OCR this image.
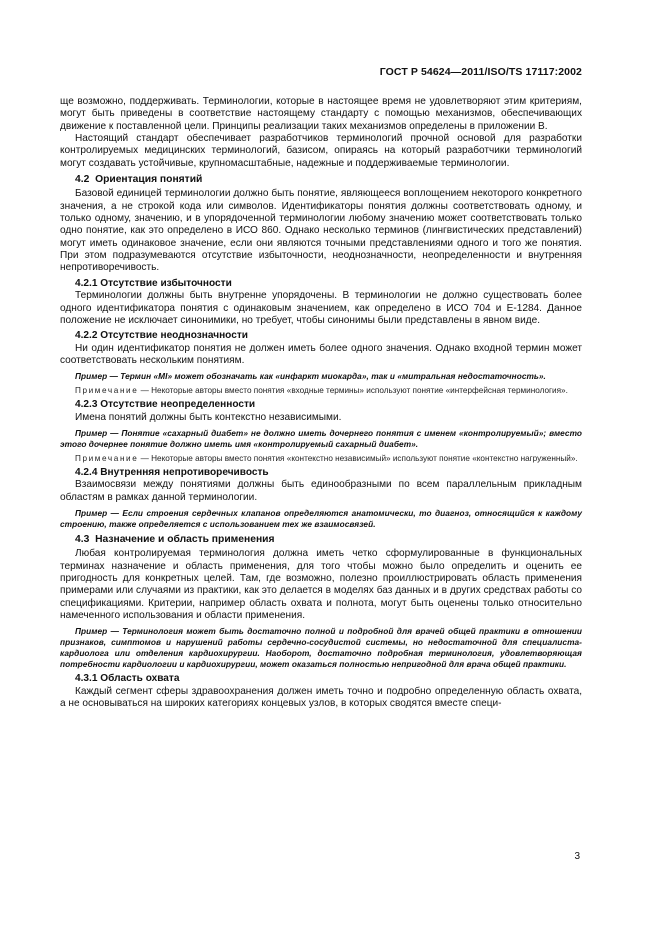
ГОСТ Р 54624—2011/ISO/TS 17117:2002

ще возможно, поддерживать. Терминологии, которые в настоящее время не удовлетворяют этим критериям, могут быть приведены в соответствие настоящему стандарту с помощью механизмов, обеспечивающих движение к поставленной цели. Принципы реализации таких механизмов определены в приложении В.

Настоящий стандарт обеспечивает разработчиков терминологий прочной основой для разработки контролируемых медицинских терминологий, базисом, опираясь на который разработчики терминологий могут создавать устойчивые, крупномасштабные, надежные и поддерживаемые терминологии.

4.2 Ориентация понятий

Базовой единицей терминологии должно быть понятие, являющееся воплощением некоторого конкретного значения, а не строкой кода или символов. Идентификаторы понятия должны соответствовать одному, и только одному, значению, и в упорядоченной терминологии любому значению может соответствовать только одно понятие, как это определено в ИСО 860. Однако несколько терминов (лингвистических представлений) могут иметь одинаковое значение, если они являются точными представлениями одного и того же понятия. При этом подразумеваются отсутствие избыточности, неоднозначности, неопределенности и внутренняя непротиворечивость.

4.2.1 Отсутствие избыточности

Терминологии должны быть внутренне упорядочены. В терминологии не должно существовать более одного идентификатора понятия с одинаковым значением, как определено в ИСО 704 и Е-1284. Данное положение не исключает синонимики, но требует, чтобы синонимы были представлены в явном виде.

4.2.2 Отсутствие неоднозначности

Ни один идентификатор понятия не должен иметь более одного значения. Однако входной термин может соответствовать нескольким понятиям.

Пример — Термин «MI» может обозначать как «инфаркт миокарда», так и «митральная недостаточность».

Примечание — Некоторые авторы вместо понятия «входные термины» используют понятие «интерфейсная терминология».

4.2.3 Отсутствие неопределенности

Имена понятий должны быть контекстно независимыми.

Пример — Понятие «сахарный диабет» не должно иметь дочернего понятия с именем «контролируемый»; вместо этого дочернее понятие должно иметь имя «контролируемый сахарный диабет».

Примечание — Некоторые авторы вместо понятия «контекстно независимый» используют понятие «контекстно нагруженный».

4.2.4 Внутренняя непротиворечивость

Взаимосвязи между понятиями должны быть единообразными по всем параллельным прикладным областям в рамках данной терминологии.

Пример — Если строения сердечных клапанов определяются анатомически, то диагноз, относящийся к каждому строению, также определяется с использованием тех же взаимосвязей.

4.3 Назначение и область применения

Любая контролируемая терминология должна иметь четко сформулированные в функциональных терминах назначение и область применения, для того чтобы можно было определить и оценить ее пригодность для конкретных целей. Там, где возможно, полезно проиллюстрировать область применения примерами или случаями из практики, как это делается в моделях баз данных и в других средствах работы со спецификациями. Критерии, например область охвата и полнота, могут быть оценены только относительно намеченного использования и области применения.

Пример — Терминология может быть достаточно полной и подробной для врачей общей практики в отношении признаков, симптомов и нарушений работы сердечно-сосудистой системы, но недостаточной для специалиста-кардиолога или отделения кардиохирургии. Наоборот, достаточно подробная терминология, удовлетворяющая потребности кардиологии и кардиохирургии, может оказаться полностью непригодной для врача общей практики.

4.3.1 Область охвата

Каждый сегмент сферы здравоохранения должен иметь точно и подробно определенную область охвата, а не основываться на широких категориях концевых узлов, в которых сводятся вместе специ-

3
